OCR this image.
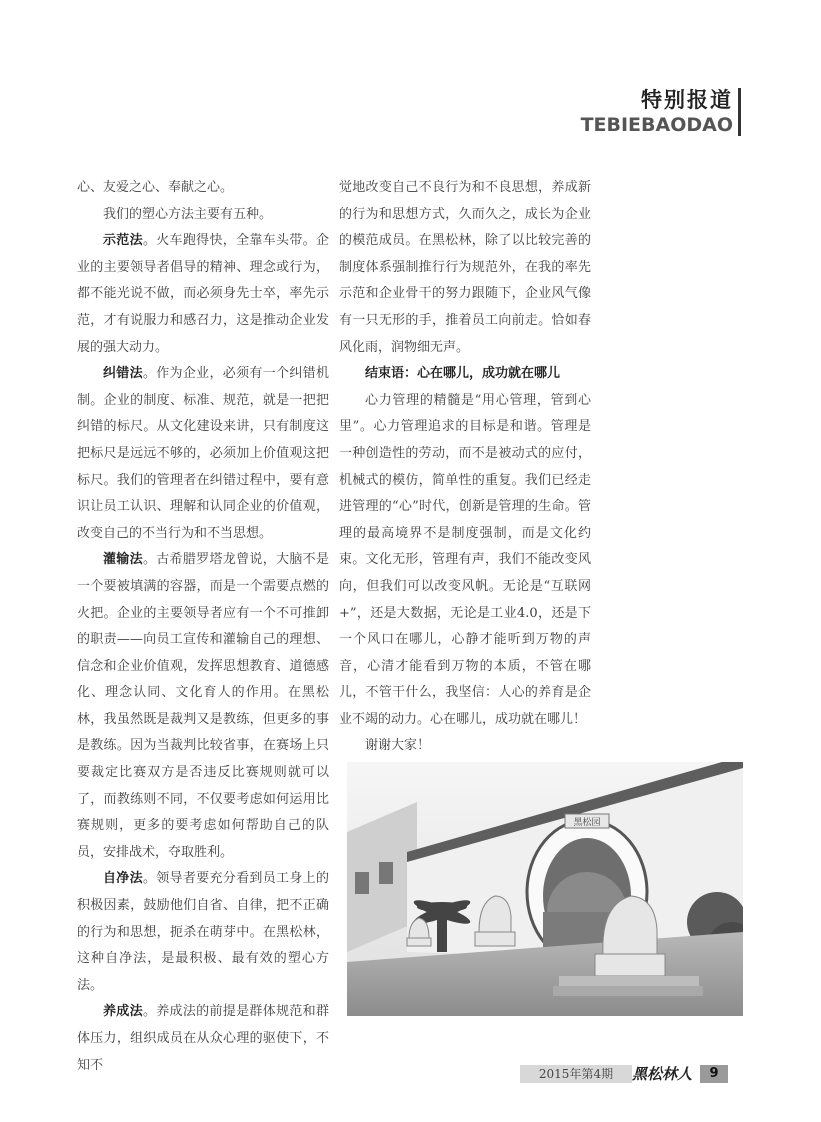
特别报道
TEBIEBAODAO

心、友爱之心、奉献之心。

我们的塑心方法主要有五种。

示范法。火车跑得快，全靠车头带。企业的主要领导者倡导的精神、理念或行为，都不能光说不做，而必须身先士卒，率先示范，才有说服力和感召力，这是推动企业发展的强大动力。

纠错法。作为企业，必须有一个纠错机制。企业的制度、标准、规范，就是一把把纠错的标尺。从文化建设来讲，只有制度这把标尺是远远不够的，必须加上价值观这把标尺。我们的管理者在纠错过程中，要有意识让员工认识、理解和认同企业的价值观，改变自己的不当行为和不当思想。

灌输法。古希腊罗塔龙曾说，大脑不是一个要被填满的容器，而是一个需要点燃的火把。企业的主要领导者应有一个不可推卸的职责——向员工宣传和灌输自己的理想、信念和企业价值观，发挥思想教育、道德感化、理念认同、文化育人的作用。在黑松林，我虽然既是裁判又是教练，但更多的事是教练。因为当裁判比较省事，在赛场上只要裁定比赛双方是否违反比赛规则就可以了，而教练则不同，不仅要考虑如何运用比赛规则，更多的要考虑如何帮助自己的队员，安排战术，夺取胜利。

自净法。领导者要充分看到员工身上的积极因素，鼓励他们自省、自律，把不正确的行为和思想，扼杀在萌芽中。在黑松林，这种自净法，是最积极、最有效的塑心方法。

养成法。养成法的前提是群体规范和群体压力，组织成员在从众心理的驱使下，不知不

觉地改变自己不良行为和不良思想，养成新的行为和思想方式，久而久之，成长为企业的模范成员。在黑松林，除了以比较完善的制度体系强制推行行为规范外，在我的率先示范和企业骨干的努力跟随下，企业风气像有一只无形的手，推着员工向前走。恰如春风化雨，润物细无声。

结束语：心在哪儿，成功就在哪儿

心力管理的精髓是“用心管理，管到心里”。心力管理追求的目标是和谐。管理是一种创造性的劳动，而不是被动式的应付，机械式的模仿，简单性的重复。我们已经走进管理的“心”时代，创新是管理的生命。管理的最高境界不是制度强制，而是文化约束。文化无形，管理有声，我们不能改变风向，但我们可以改变风帆。无论是“互联网+”，还是大数据，无论是工业4.0，还是下一个风口在哪儿，心静才能听到万物的声音，心清才能看到万物的本质，不管在哪儿，不管干什么，我坚信：人心的养育是企业不竭的动力。心在哪儿，成功就在哪儿！

谢谢大家！

黑松园
2015年第4期	黑松林人	9
